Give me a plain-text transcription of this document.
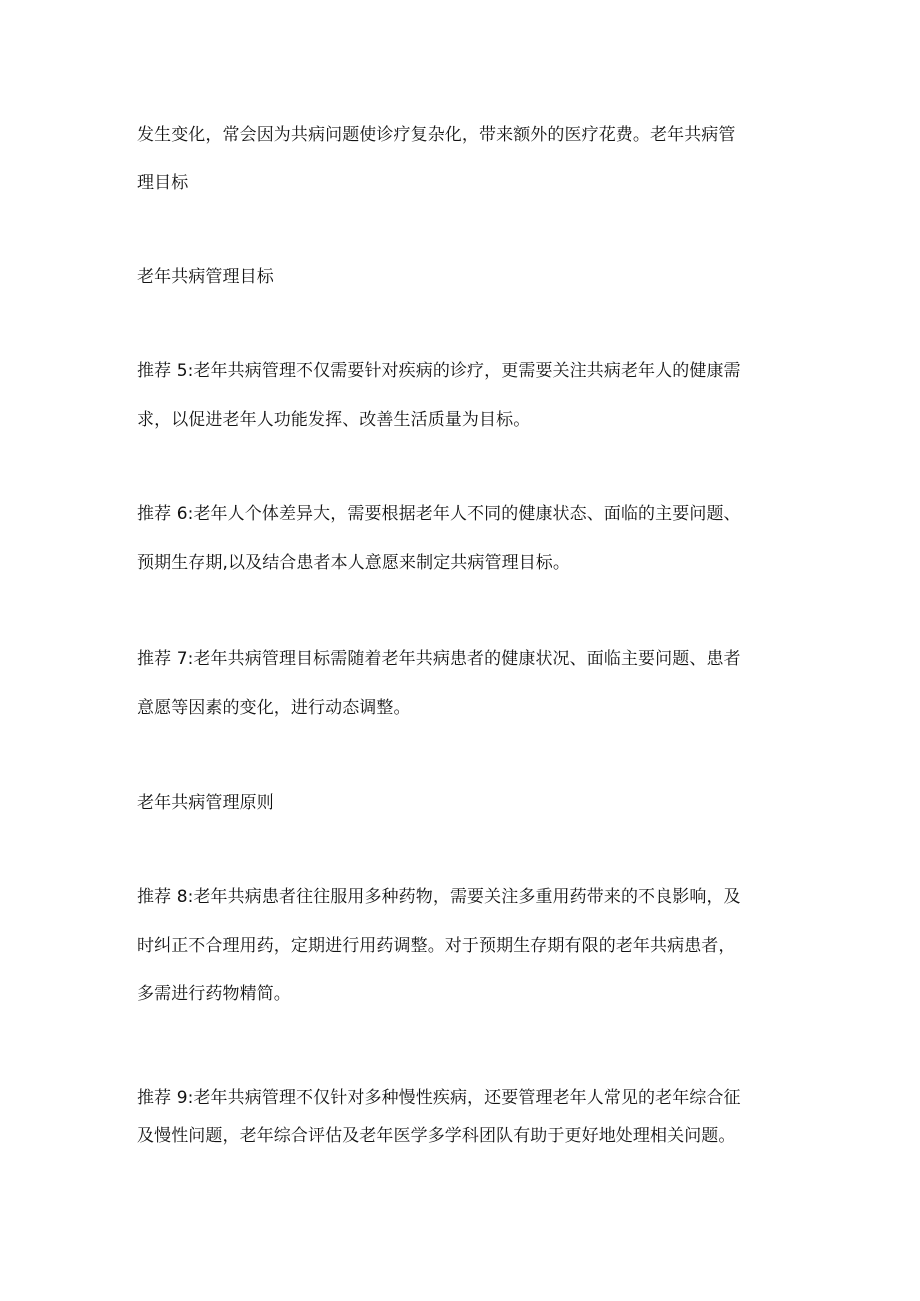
发生变化，常会因为共病问题使诊疗复杂化，带来额外的医疗花费。老年共病管
理目标
老年共病管理目标
推荐 5:老年共病管理不仅需要针对疾病的诊疗，更需要关注共病老年人的健康需
求，以促进老年人功能发挥、改善生活质量为目标。
推荐 6:老年人个体差异大，需要根据老年人不同的健康状态、面临的主要问题、
预期生存期,以及结合患者本人意愿来制定共病管理目标。
推荐 7:老年共病管理目标需随着老年共病患者的健康状况、面临主要问题、患者
意愿等因素的变化，进行动态调整。
老年共病管理原则
推荐 8:老年共病患者往往服用多种药物，需要关注多重用药带来的不良影响，及
时纠正不合理用药，定期进行用药调整。对于预期生存期有限的老年共病患者，
多需进行药物精简。
推荐 9:老年共病管理不仅针对多种慢性疾病，还要管理老年人常见的老年综合征
及慢性问题，老年综合评估及老年医学多学科团队有助于更好地处理相关问题。
